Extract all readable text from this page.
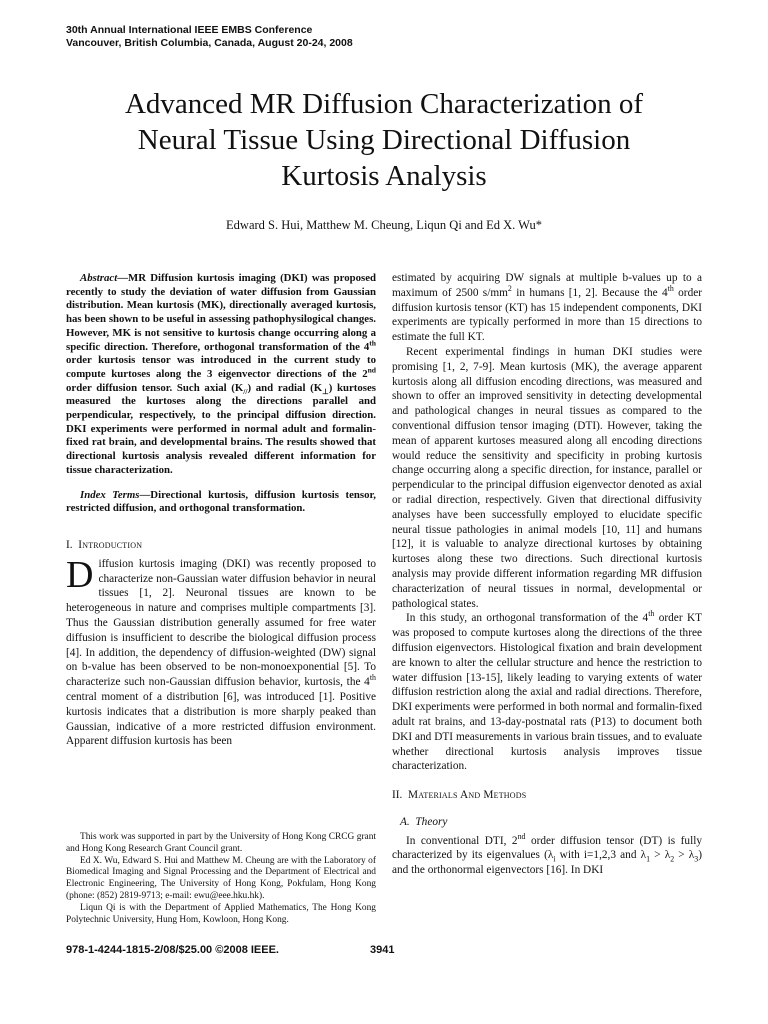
30th Annual International IEEE EMBS Conference
Vancouver, British Columbia, Canada, August 20-24, 2008
Advanced MR Diffusion Characterization of
Neural Tissue Using Directional Diffusion
Kurtosis Analysis
Edward S. Hui, Matthew M. Cheung, Liqun Qi and Ed X. Wu*

Abstract—MR Diffusion kurtosis imaging (DKI) was proposed recently to study the deviation of water diffusion from Gaussian distribution. Mean kurtosis (MK), directionally averaged kurtosis, has been shown to be useful in assessing pathophysilogical changes. However, MK is not sensitive to kurtosis change occurring along a specific direction. Therefore, orthogonal transformation of the 4th order kurtosis tensor was introduced in the current study to compute kurtoses along the 3 eigenvector directions of the 2nd order diffusion tensor. Such axial $(K_{//})$ and radial $(K_\perp)$ kurtoses measured the kurtoses along the directions parallel and perpendicular, respectively, to the principal diffusion direction. DKI experiments were performed in normal adult and formalin-fixed rat brain, and developmental brains. The results showed that directional kurtosis analysis revealed different information for tissue characterization.

Index Terms—Directional kurtosis, diffusion kurtosis tensor, restricted diffusion, and orthogonal transformation.

I. Introduction

Diffusion kurtosis imaging (DKI) was recently proposed to characterize non-Gaussian water diffusion behavior in neural tissues [1, 2]. Neuronal tissues are known to be heterogeneous in nature and comprises multiple compartments [3]. Thus the Gaussian distribution generally assumed for free water diffusion is insufficient to describe the biological diffusion process [4]. In addition, the dependency of diffusion-weighted (DW) signal on b-value has been observed to be non-monoexponential [5]. To characterize such non-Gaussian diffusion behavior, kurtosis, the 4th central moment of a distribution [6], was introduced [1]. Positive kurtosis indicates that a distribution is more sharply peaked than Gaussian, indicative of a more restricted diffusion environment. Apparent diffusion kurtosis has been

This work was supported in part by the University of Hong Kong CRCG grant and Hong Kong Research Grant Council grant.

Ed X. Wu, Edward S. Hui and Matthew M. Cheung are with the Laboratory of Biomedical Imaging and Signal Processing and the Department of Electrical and Electronic Engineering, The University of Hong Kong, Pokfulam, Hong Kong (phone: (852) 2819-9713; e-mail: ewu@eee.hku.hk).

Liqun Qi is with the Department of Applied Mathematics, The Hong Kong Polytechnic University, Hung Hom, Kowloon, Hong Kong.

estimated by acquiring DW signals at multiple b-values up to a maximum of 2500 $s/mm^2$ in humans [1, 2]. Because the 4th order diffusion kurtosis tensor (KT) has 15 independent components, DKI experiments are typically performed in more than 15 directions to estimate the full KT.

Recent experimental findings in human DKI studies were promising [1, 2, 7-9]. Mean kurtosis (MK), the average apparent kurtosis along all diffusion encoding directions, was measured and shown to offer an improved sensitivity in detecting developmental and pathological changes in neural tissues as compared to the conventional diffusion tensor imaging (DTI). However, taking the mean of apparent kurtoses measured along all encoding directions would reduce the sensitivity and specificity in probing kurtosis change occurring along a specific direction, for instance, parallel or perpendicular to the principal diffusion eigenvector denoted as axial or radial direction, respectively. Given that directional diffusivity analyses have been successfully employed to elucidate specific neural tissue pathologies in animal models [10, 11] and humans [12], it is valuable to analyze directional kurtoses by obtaining kurtoses along these two directions. Such directional kurtosis analysis may provide different information regarding MR diffusion characterization of neural tissues in normal, developmental or pathological states.

In this study, an orthogonal transformation of the 4th order KT was proposed to compute kurtoses along the directions of the three diffusion eigenvectors. Histological fixation and brain development are known to alter the cellular structure and hence the restriction to water diffusion [13-15], likely leading to varying extents of water diffusion restriction along the axial and radial directions. Therefore, DKI experiments were performed in both normal and formalin-fixed adult rat brains, and 13-day-postnatal rats (P13) to document both DKI and DTI measurements in various brain tissues, and to evaluate whether directional kurtosis analysis improves tissue characterization.

II. Materials And Methods

A. Theory

In conventional DTI, 2nd order diffusion tensor (DT) is fully characterized by its eigenvalues ($\lambda_i$ with i=1,2,3 and $\lambda_1 > \lambda_2 > \lambda_3$) and the orthonormal eigenvectors [16]. In DKI

978-1-4244-1815-2/08/$25.00 ©2008 IEEE.	3941
